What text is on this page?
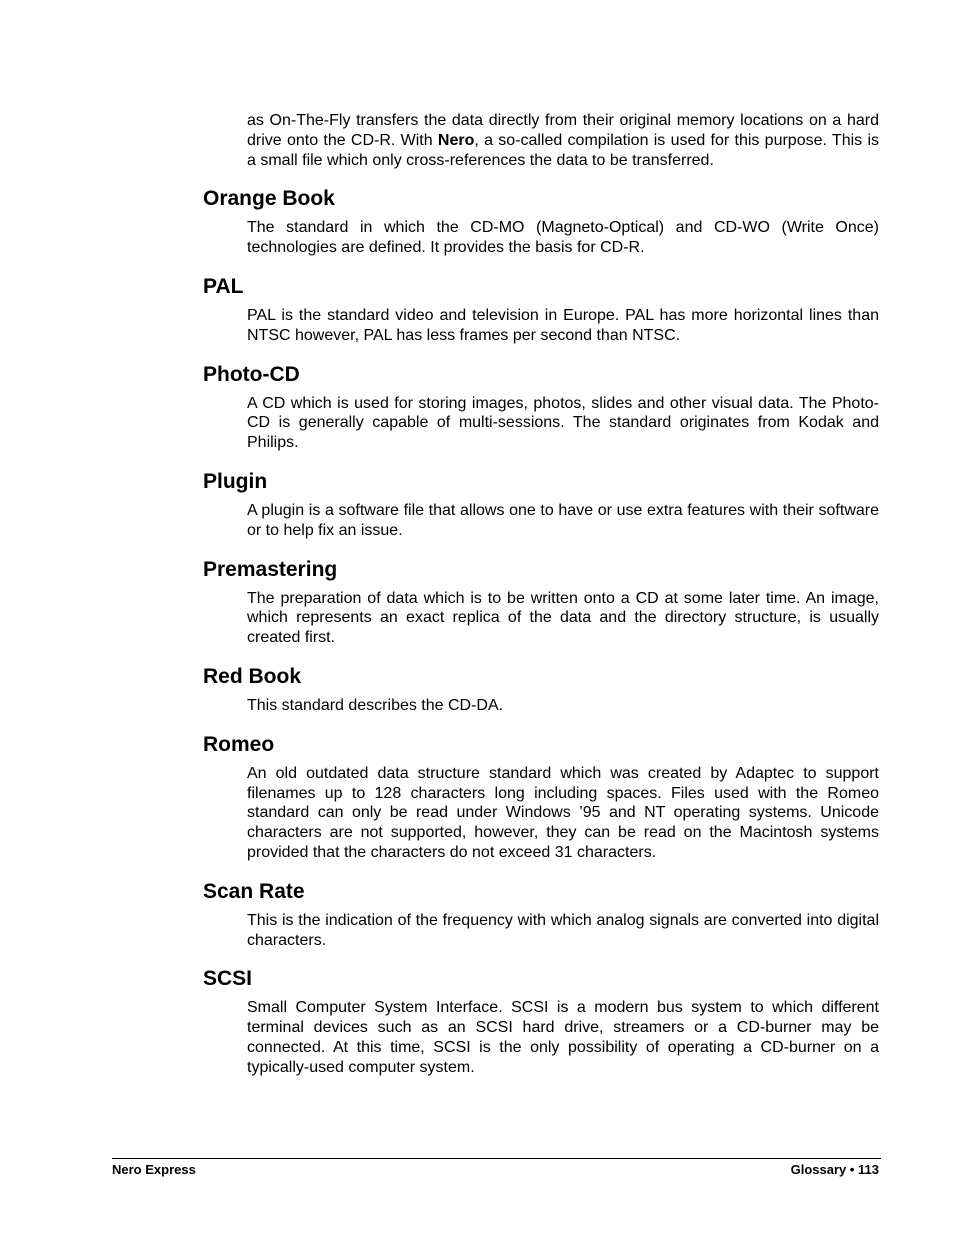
as On-The-Fly transfers the data directly from their original memory locations on a hard drive onto the CD-R. With Nero, a so-called compilation is used for this purpose. This is a small file which only cross-references the data to be transferred.

Orange Book

The standard in which the CD-MO (Magneto-Optical) and CD-WO (Write Once) technologies are defined. It provides the basis for CD-R.

PAL

PAL is the standard video and television in Europe. PAL has more horizontal lines than NTSC however, PAL has less frames per second than NTSC.

Photo-CD

A CD which is used for storing images, photos, slides and other visual data. The Photo-CD is generally capable of multi-sessions. The standard originates from Kodak and Philips.

Plugin

A plugin is a software file that allows one to have or use extra features with their software or to help fix an issue.

Premastering

The preparation of data which is to be written onto a CD at some later time. An image, which represents an exact replica of the data and the directory structure, is usually created first.

Red Book

This standard describes the CD-DA.

Romeo

An old outdated data structure standard which was created by Adaptec to support filenames up to 128 characters long including spaces. Files used with the Romeo standard can only be read under Windows ’95 and NT operating systems. Unicode characters are not supported, however, they can be read on the Macintosh systems provided that the characters do not exceed 31 characters.

Scan Rate

This is the indication of the frequency with which analog signals are converted into digital characters.

SCSI

Small Computer System Interface. SCSI is a modern bus system to which different terminal devices such as an SCSI hard drive, streamers or a CD-burner may be connected. At this time, SCSI is the only possibility of operating a CD-burner on a typically-used computer system.

Nero Express	Glossary • 113
